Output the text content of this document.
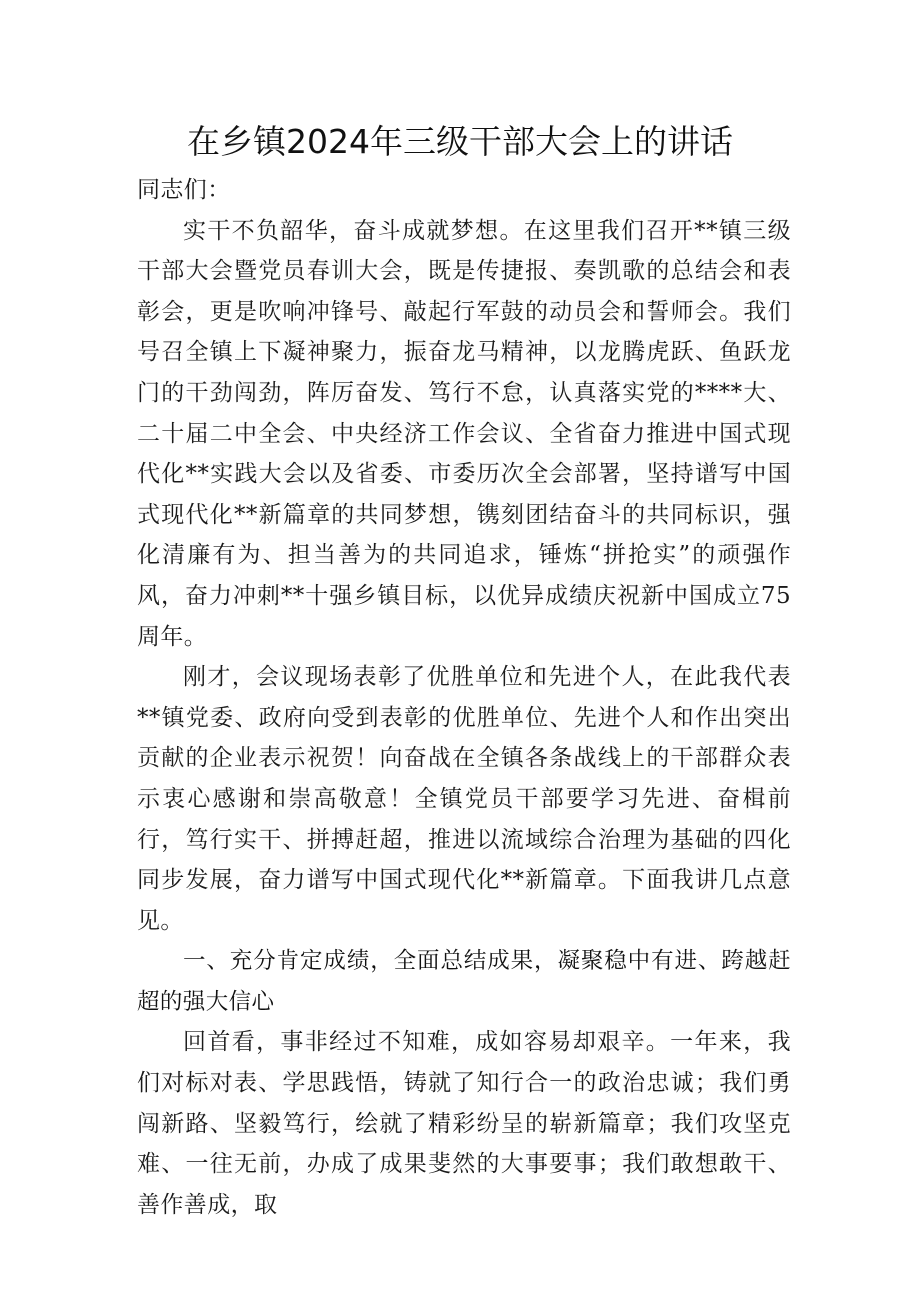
在乡镇2024年三级干部大会上的讲话

同志们：

实干不负韶华，奋斗成就梦想。在这里我们召开**镇三级干部大会暨党员春训大会，既是传捷报、奏凯歌的总结会和表彰会，更是吹响冲锋号、敲起行军鼓的动员会和誓师会。我们号召全镇上下凝神聚力，振奋龙马精神，以龙腾虎跃、鱼跃龙门的干劲闯劲，阵厉奋发、笃行不怠，认真落实党的****大、二十届二中全会、中央经济工作会议、全省奋力推进中国式现代化**实践大会以及省委、市委历次全会部署，坚持谱写中国式现代化**新篇章的共同梦想，镌刻团结奋斗的共同标识，强化清廉有为、担当善为的共同追求，锤炼“拼抢实”的顽强作风，奋力冲刺**十强乡镇目标，以优异成绩庆祝新中国成立75周年。

刚才，会议现场表彰了优胜单位和先进个人，在此我代表**镇党委、政府向受到表彰的优胜单位、先进个人和作出突出贡献的企业表示祝贺！向奋战在全镇各条战线上的干部群众表示衷心感谢和崇高敬意！全镇党员干部要学习先进、奋楫前行，笃行实干、拼搏赶超，推进以流域综合治理为基础的四化同步发展，奋力谱写中国式现代化**新篇章。下面我讲几点意见。

一、充分肯定成绩，全面总结成果，凝聚稳中有进、跨越赶超的强大信心

回首看，事非经过不知难，成如容易却艰辛。一年来，我们对标对表、学思践悟，铸就了知行合一的政治忠诚；我们勇闯新路、坚毅笃行，绘就了精彩纷呈的崭新篇章；我们攻坚克难、一往无前，办成了成果斐然的大事要事；我们敢想敢干、善作善成，取
